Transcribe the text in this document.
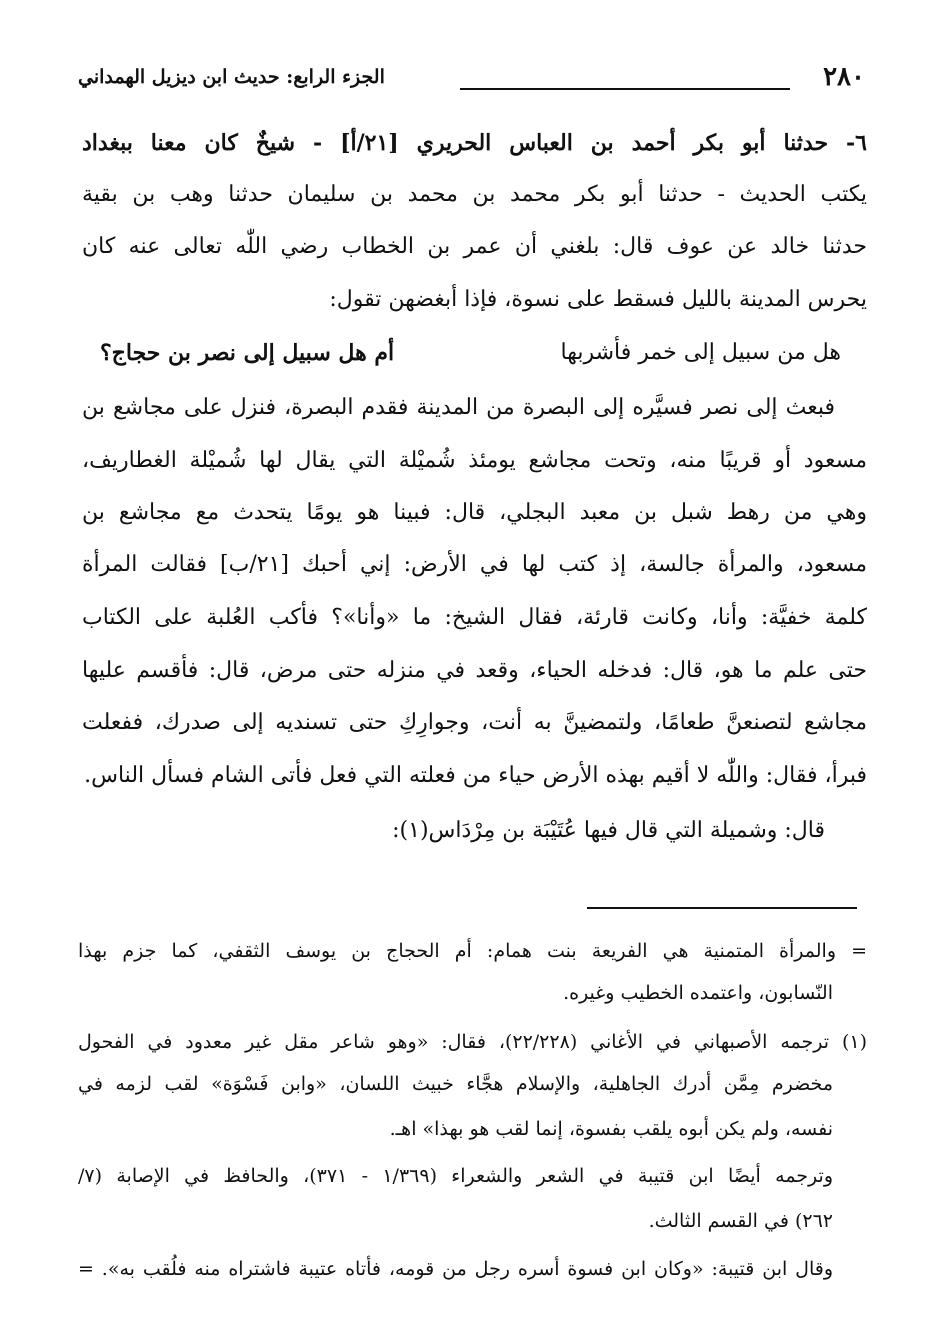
٢٨٠
الجزء الرابع: حديث ابن ديزيل الهمداني
٦- حدثنا أبو بكر أحمد بن العباس الحريري [٢١/أ] - شيخٌ كان معنا ببغداد
يكتب الحديث - حدثنا أبو بكر محمد بن محمد بن سليمان حدثنا وهب بن بقية
حدثنا خالد عن عوف قال: بلغني أن عمر بن الخطاب رضي اللّٰه تعالى عنه كان
يحرس المدينة بالليل فسقط على نسوة، فإذا أبغضهن تقول:
هل من سبيل إلى خمر فأشربها
أم هل سبيل إلى نصر بن حجاج؟
فبعث إلى نصر فسيَّره إلى البصرة من المدينة فقدم البصرة، فنزل على مجاشع بن
مسعود أو قريبًا منه، وتحت مجاشع يومئذ شُميْلة التي يقال لها شُميْلة الغطاريف،
وهي من رهط شبل بن معبد البجلي، قال: فبينا هو يومًا يتحدث مع مجاشع بن
مسعود، والمرأة جالسة، إذ كتب لها في الأرض: إني أحبك [٢١/ب] فقالت المرأة
كلمة خفيَّة: وأنا، وكانت قارئة، فقال الشيخ: ما «وأنا»؟ فأكب العُلبة على الكتاب
حتى علم ما هو، قال: فدخله الحياء، وقعد في منزله حتى مرض، قال: فأقسم عليها
مجاشع لتصنعنَّ طعامًا، ولتمضينَّ به أنت، وجوارِكِ حتى تسنديه إلى صدرك، ففعلت
فبرأ، فقال: واللّٰه لا أقيم بهذه الأرض حياء من فعلته التي فعل فأتى الشام فسأل الناس.
قال: وشميلة التي قال فيها عُتَيْبَة بن مِرْدَاس(١):
= والمرأة المتمنية هي الفريعة بنت همام: أم الحجاج بن يوسف الثقفي، كما جزم بهذا
النّسابون، واعتمده الخطيب وغيره.
(١) ترجمه الأصبهاني في الأغاني (٢٢/٢٢٨)، فقال: «وهو شاعر مقل غير معدود في الفحول
مخضرم مِمَّن أدرك الجاهلية، والإسلام هجَّاء خبيث اللسان، «وابن فَسْوَة» لقب لزمه في
نفسه، ولم يكن أبوه يلقب بفسوة، إنما لقب هو بهذا» اهـ.
وترجمه أيضًا ابن قتيبة في الشعر والشعراء (١/٣٦٩ - ٣٧١)، والحافظ في الإصابة (٧/
٢٦٢) في القسم الثالث.
وقال ابن قتيبة: «وكان ابن فسوة أسره رجل من قومه، فأتاه عتيبة فاشتراه منه فلُقب به». =
